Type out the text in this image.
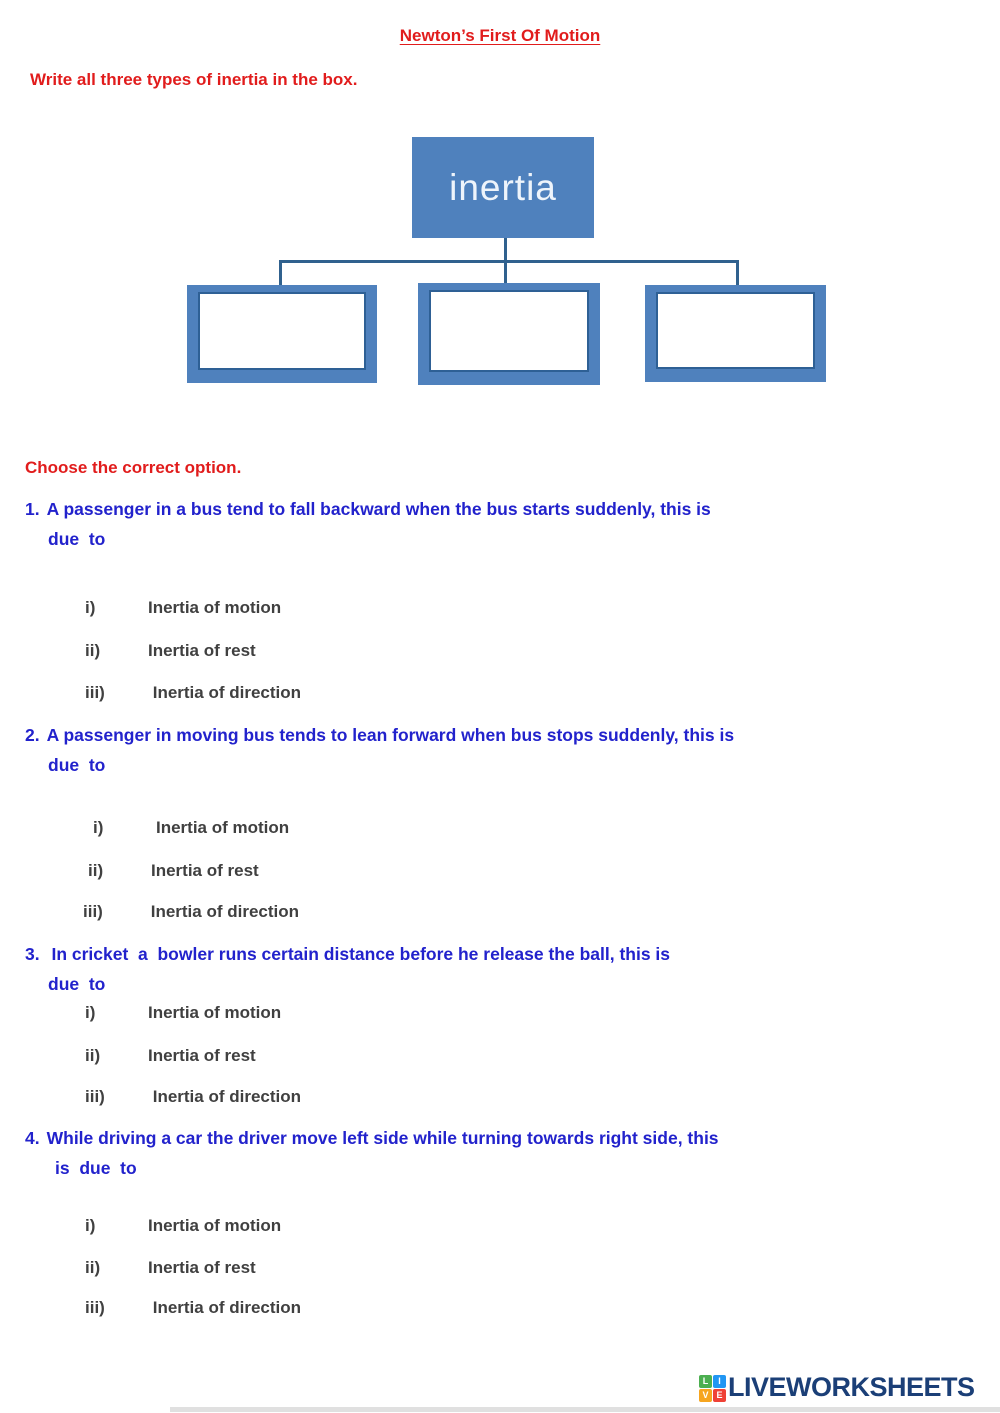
Newton’s First Of Motion
Write all three types of inertia in the box.
inertia
Choose the correct option.
1. A passenger in a bus tend to fall backward when the bus starts suddenly, this is
due  to
i)	Inertia of motion
ii)	Inertia of rest
iii)	Inertia of direction
2. A passenger in moving bus tends to lean forward when bus stops suddenly, this is
due  to
i)	Inertia of motion
ii)	Inertia of rest
iii)	Inertia of direction
3. In cricket  a  bowler runs certain distance before he release the ball, this is
due  to
i)	Inertia of motion
ii)	Inertia of rest
iii)	Inertia of direction
4. While driving a car the driver move left side while turning towards right side, this
is  due  to
i)	Inertia of motion
ii)	Inertia of rest
iii)	Inertia of direction
L	I
V E LIVEWORKSHEETS
